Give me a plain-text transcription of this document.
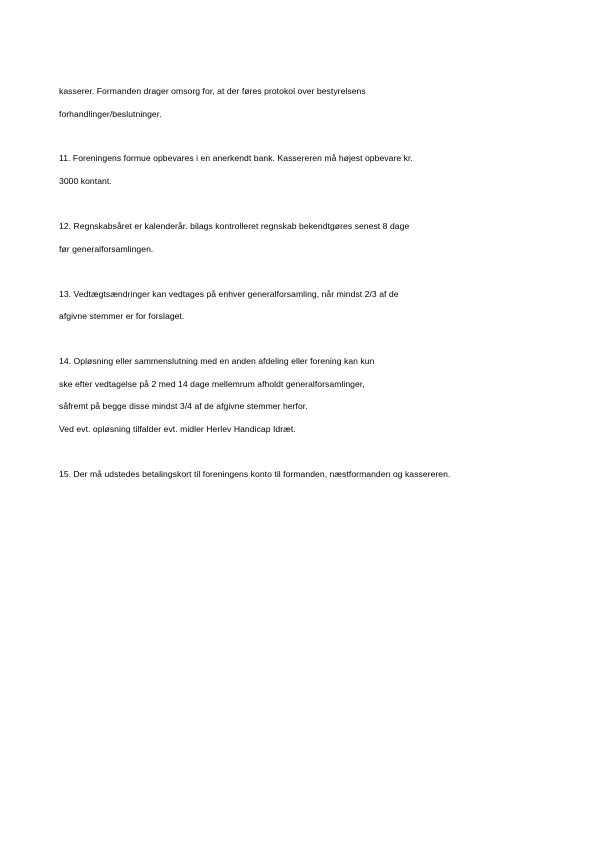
kasserer. Formanden drager omsorg for, at der føres protokol over bestyrelsens
forhandlinger/beslutninger.
11. Foreningens formue opbevares i en anerkendt bank. Kassereren må højest opbevare kr.
3000 kontant.
12. Regnskabsåret er kalenderår. bilags kontrolleret regnskab bekendtgøres senest 8 dage
før generalforsamlingen.
13. Vedtægtsændringer kan vedtages på enhver generalforsamling, når mindst 2/3 af de
afgivne stemmer er for forslaget.
14. Opløsning eller sammenslutning med en anden afdeling eller forening kan kun
ske efter vedtagelse på 2 med 14 dage mellemrum afholdt generalforsamlinger,
såfremt på begge disse mindst 3/4 af de afgivne stemmer herfor.
Ved evt. opløsning tilfalder evt. midler Herlev Handicap Idræt.
15. Der må udstedes betalingskort til foreningens konto til formanden, næstformanden og kassereren.
